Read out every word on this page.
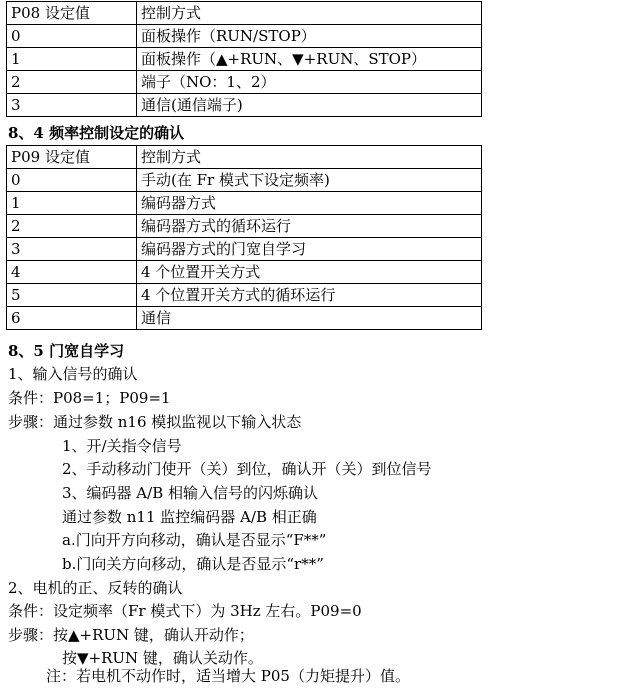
P08 设定值	控制方式
0	面板操作（RUN/STOP）
1	面板操作（▲+RUN、▼+RUN、STOP）
2	端子（NO：1、2）
3	通信(通信端子)
8、4 频率控制设定的确认
P09 设定值	控制方式
0	手动(在 Fr 模式下设定频率)
1	编码器方式
2	编码器方式的循环运行
3	编码器方式的门宽自学习
4	4 个位置开关方式
5	4 个位置开关方式的循环运行
6	通信
8、5 门宽自学习
1、输入信号的确认
条件：P08=1；P09=1
步骤：通过参数 n16 模拟监视以下输入状态
1、开/关指令信号
2、手动移动门使开（关）到位，确认开（关）到位信号
3、编码器 A/B 相输入信号的闪烁确认
通过参数 n11 监控编码器 A/B 相正确
a.门向开方向移动，确认是否显示“F**”
b.门向关方向移动，确认是否显示“r**”
2、电机的正、反转的确认
条件：设定频率（Fr 模式下）为 3Hz 左右。P09=0
步骤：按▲+RUN 键，确认开动作；
按▼+RUN 键，确认关动作。
注：若电机不动作时，适当增大 P05（力矩提升）值。
